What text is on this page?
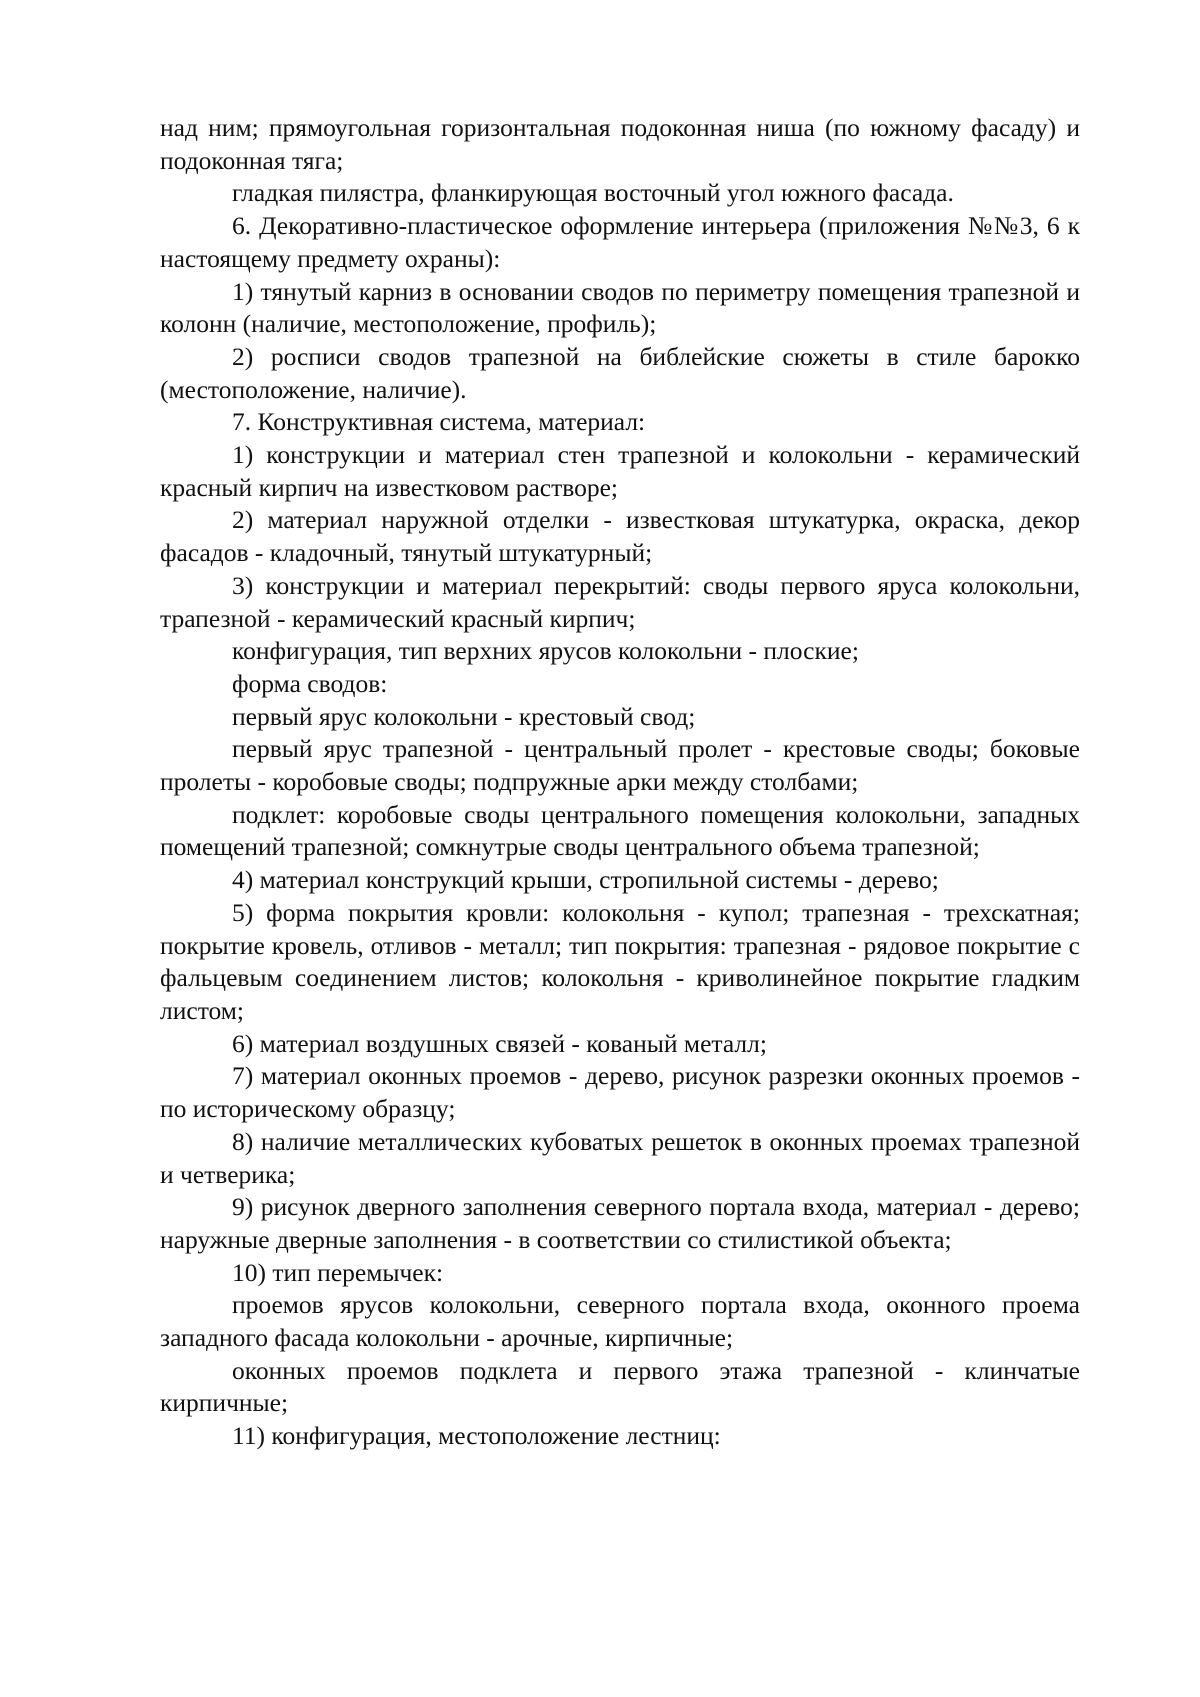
над ним; прямоугольная горизонтальная подоконная ниша (по южному фасаду) и подоконная тяга;

гладкая пилястра, фланкирующая восточный угол южного фасада.

6. Декоративно-пластическое оформление интерьера (приложения №№3, 6 к настоящему предмету охраны):

1) тянутый карниз в основании сводов по периметру помещения трапезной и колонн (наличие, местоположение, профиль);

2) росписи сводов трапезной на библейские сюжеты в стиле барокко (местоположение, наличие).

7. Конструктивная система, материал:

1) конструкции и материал стен трапезной и колокольни - керамический красный кирпич на известковом растворе;

2) материал наружной отделки - известковая штукатурка, окраска, декор фасадов - кладочный, тянутый штукатурный;

3) конструкции и материал перекрытий: своды первого яруса колокольни, трапезной - керамический красный кирпич;

конфигурация, тип верхних ярусов колокольни - плоские;

форма сводов:

первый ярус колокольни - крестовый свод;

первый ярус трапезной - центральный пролет - крестовые своды; боковые пролеты - коробовые своды; подпружные арки между столбами;

подклет: коробовые своды центрального помещения колокольни, западных помещений трапезной; сомкнутрые своды центрального объема трапезной;

4) материал конструкций крыши, стропильной системы - дерево;

5) форма покрытия кровли: колокольня - купол; трапезная - трехскатная; покрытие кровель, отливов - металл; тип покрытия: трапезная - рядовое покрытие с фальцевым соединением листов; колокольня - криволинейное покрытие гладким листом;

6) материал воздушных связей - кованый металл;

7) материал оконных проемов - дерево, рисунок разрезки оконных проемов - по историческому образцу;

8) наличие металлических кубоватых решеток в оконных проемах трапезной и четверика;

9) рисунок дверного заполнения северного портала входа, материал - дерево; наружные дверные заполнения - в соответствии со стилистикой объекта;

10) тип перемычек:

проемов ярусов колокольни, северного портала входа, оконного проема западного фасада колокольни - арочные, кирпичные;

оконных проемов подклета и первого этажа трапезной - клинчатые кирпичные;

11) конфигурация, местоположение лестниц:
